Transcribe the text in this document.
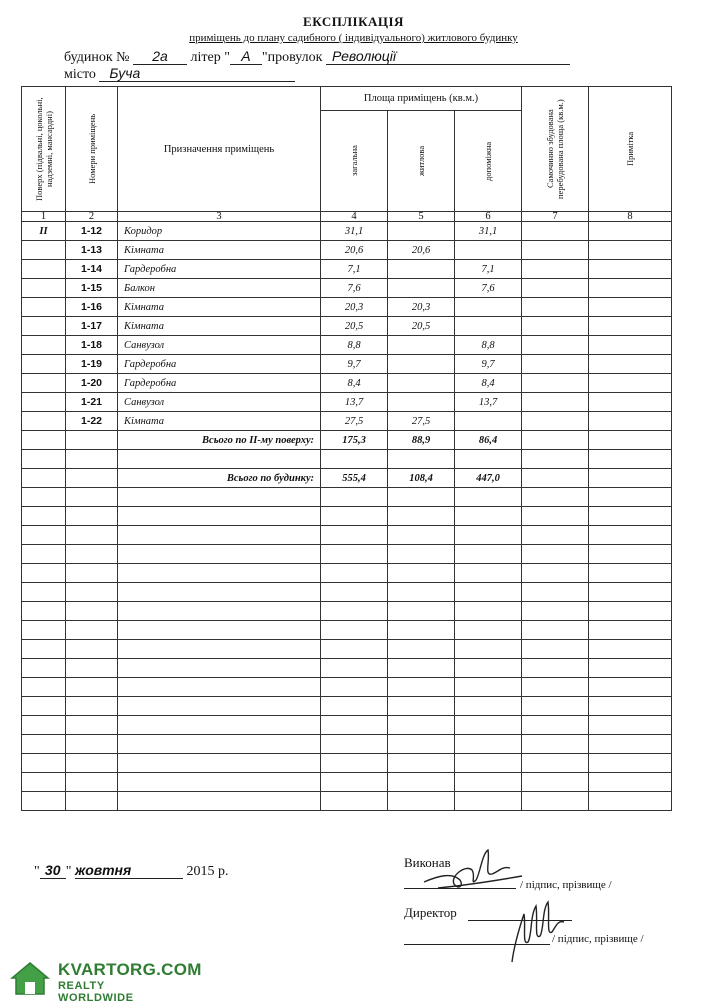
ЕКСПЛІКАЦІЯ
приміщень до плану садибного ( індивідуального) житлового будинку
будинок № 2а літер " А "провулок Революції
місто Буча
Поверх (підвальні, цокольні, надземні, мансардні)	Номери приміщень	Призначення приміщень	Площа приміщень (кв.м.)			Самочинно збудована перебудована площа (кв.м.)	Примітка

			загальна	житлова	допоміжна		

1	2	3	4	5	6	7	8
II	1-12	Коридор	31,1		31,1		
	1-13	Кімната	20,6	20,6			
	1-14	Гардеробна	7,1		7,1		
	1-15	Балкон	7,6		7,6		
	1-16	Кімната	20,3	20,3			
	1-17	Кімната	20,5	20,5			
	1-18	Санвузол	8,8		8,8		
	1-19	Гардеробна	9,7		9,7		
	1-20	Гардеробна	8,4		8,4		
	1-21	Санвузол	13,7		13,7		
	1-22	Кімната	27,5	27,5			
		Всього по II-му поверху:	175,3	88,9	86,4		

		Всього по будинку:	555,4	108,4	447,0		

" 30 " жовтня	2015 р.
Виконав
/ підпис, прізвище /
Директор
/ підпис, прізвище /
KVARTORG.COM
REALTY WORLDWIDE
